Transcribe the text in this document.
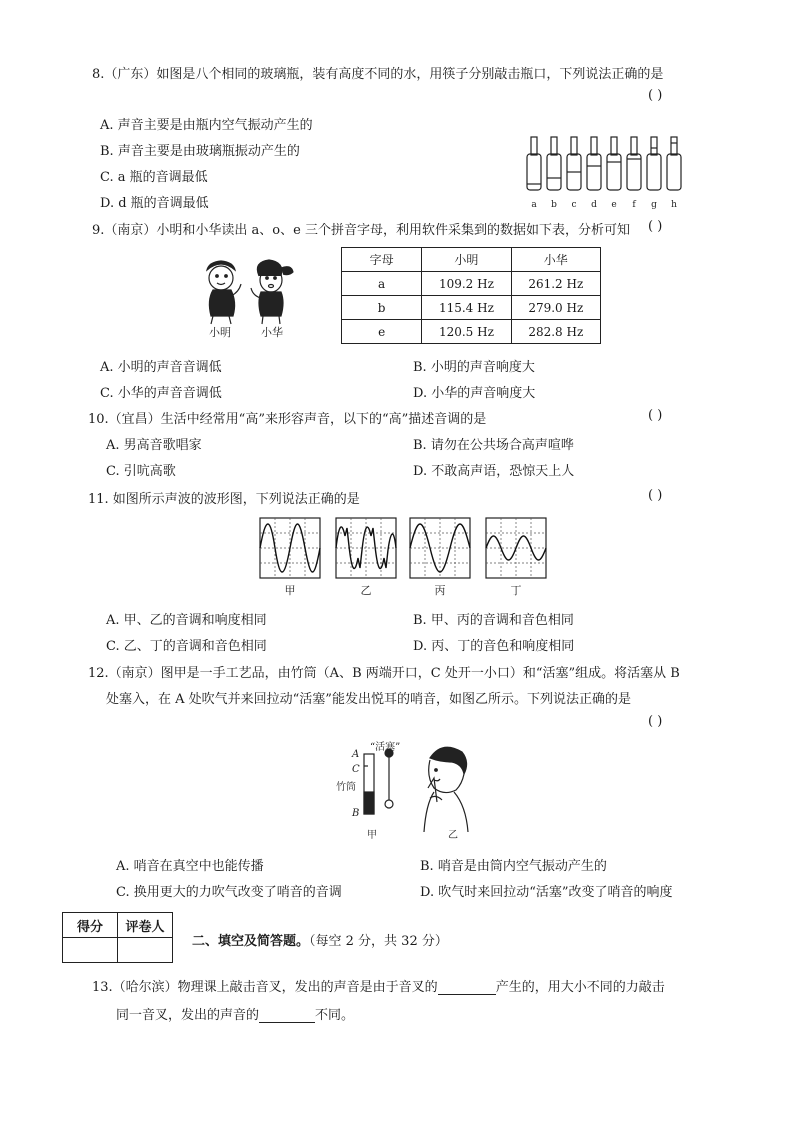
8.（广东）如图是八个相同的玻璃瓶，装有高度不同的水，用筷子分别敲击瓶口，下列说法正确的是
( )
A. 声音主要是由瓶内空气振动产生的
B. 声音主要是由玻璃瓶振动产生的
C. a 瓶的音调最低
D. d 瓶的音调最低	a b c d e f g h
9.（南京）小明和小华读出 a、o、e 三个拼音字母，利用软件采集到的数据如下表，分析可知 ( )
小明	小华
字母	小明	小华
a	109.2 Hz	261.2 Hz
b	115.4 Hz	279.0 Hz
e	120.5 Hz	282.8 Hz
A. 小明的声音音调低	B. 小明的声音响度大
C. 小华的声音音调低	D. 小华的声音响度大
10.（宜昌）生活中经常用“高”来形容声音，以下的“高”描述音调的是	( )
A. 男高音歌唱家	B. 请勿在公共场合高声喧哗
C. 引吭高歌	D. 不敢高声语，恐惊天上人
11. 如图所示声波的波形图，下列说法正确的是	( )
甲	乙	丙	丁
A. 甲、乙的音调和响度相同	B. 甲、丙的音调和音色相同
C. 乙、丁的音调和音色相同	D. 丙、丁的音色和响度相同
12.（南京）图甲是一手工艺品，由竹筒（A、B 两端开口，C 处开一小口）和“活塞”组成。将活塞从 B
处塞入，在 A 处吹气并来回拉动“活塞”能发出悦耳的哨音，如图乙所示。下列说法正确的是
( )
A
C
B
“活塞”
竹筒
甲	乙
A. 哨音在真空中也能传播	B. 哨音是由筒内空气振动产生的
C. 换用更大的力吹气改变了哨音的音调	D. 吹气时来回拉动“活塞”改变了哨音的响度
得分	评卷人

二、填空及简答题。（每空 2 分，共 32 分）
13.（哈尔滨）物理课上敲击音叉，发出的声音是由于音叉的	产生的，用大小不同的力敲击
同一音叉，发出的声音的	不同。
